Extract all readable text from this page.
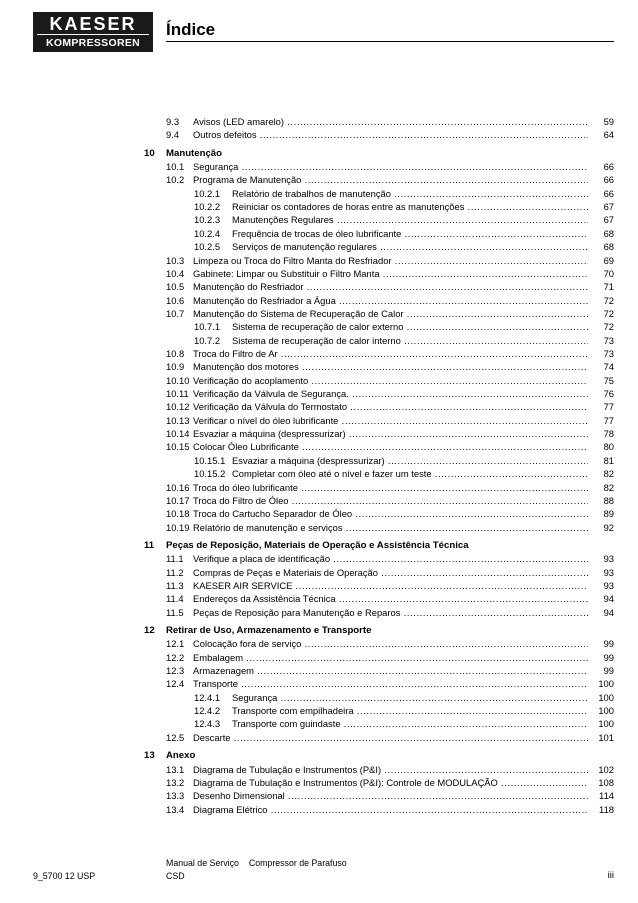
KAESER
KOMPRESSOREN
Índice
9.3 Avisos (LED amarelo) .....	59
9.4 Outros defeitos .....	64
10 Manutenção
10.1 Segurança .....	66
10.2 Programa de Manutenção .....	66
10.2.1 Relatório de trabalhos de manutenção .....	66
10.2.2 Reiniciar os contadores de horas entre as manutenções .....	67
10.2.3 Manutenções Regulares .....	67
10.2.4 Frequência de trocas de óleo lubrificante .....	68
10.2.5 Serviços de manutenção regulares .....	68
10.3 Limpeza ou Troca do Filtro Manta do Resfriador .....	69
10.4 Gabinete: Limpar ou Substituir o Filtro Manta .....	70
10.5 Manutenção do Resfriador .....	71
10.6 Manutenção do Resfriador a Água .....	72
10.7 Manutenção do Sistema de Recuperação de Calor .....	72
10.7.1 Sistema de recuperação de calor externo .....	72
10.7.2 Sistema de recuperação de calor interno .....	73
10.8 Troca do Filtro de Ar .....	73
10.9 Manutenção dos motores .....	74
10.10 Verificação do acoplamento .....	75
10.11 Verificação da Válvula de Segurança. .....	76
10.12 Verificação da Válvula do Termostato .....	77
10.13 Verificar o nível do óleo lubrificante .....	77
10.14 Esvaziar a máquina (despressurizar) .....	78
10.15 Colocar Óleo Lubrificante .....	80
10.15.1 Esvaziar a máquina (despressurizar) .....	81
10.15.2 Completar com óleo até o nível e fazer um teste .....	82
10.16 Troca do óleo lubrificante .....	82
10.17 Troca do Filtro de Óleo .....	88
10.18 Troca do Cartucho Separador de Óleo .....	89
10.19 Relatório de manutenção e serviços .....	92
11 Peças de Reposição, Materiais de Operação e Assistência Técnica
11.1 Verifique a placa de identificação .....	93
11.2 Compras de Peças e Materiais de Operação .....	93
11.3 KAESER AIR SERVICE .....	93
11.4 Endereços da Assistência Técnica .....	94
11.5 Peças de Reposição para Manutenção e Reparos .....	94
12 Retirar de Uso, Armazenamento e Transporte
12.1 Colocação fora de serviço .....	99
12.2 Embalagem .....	99
12.3 Armazenagem .....	99
12.4 Transporte .....	100
12.4.1 Segurança .....	100
12.4.2 Transporte com empilhadeira .....	100
12.4.3 Transporte com guindaste .....	100
12.5 Descarte .....	101
13 Anexo
13.1 Diagrama de Tubulação e Instrumentos (P&I) .....	102
13.2 Diagrama de Tubulação e Instrumentos (P&I): Controle de MODULAÇÃO .....	108
13.3 Desenho Dimensional .....	114
13.4 Diagrama Elétrico .....	118
Manual de Serviço Compressor de Parafuso
CSD
9_5700 12 USP	iii
